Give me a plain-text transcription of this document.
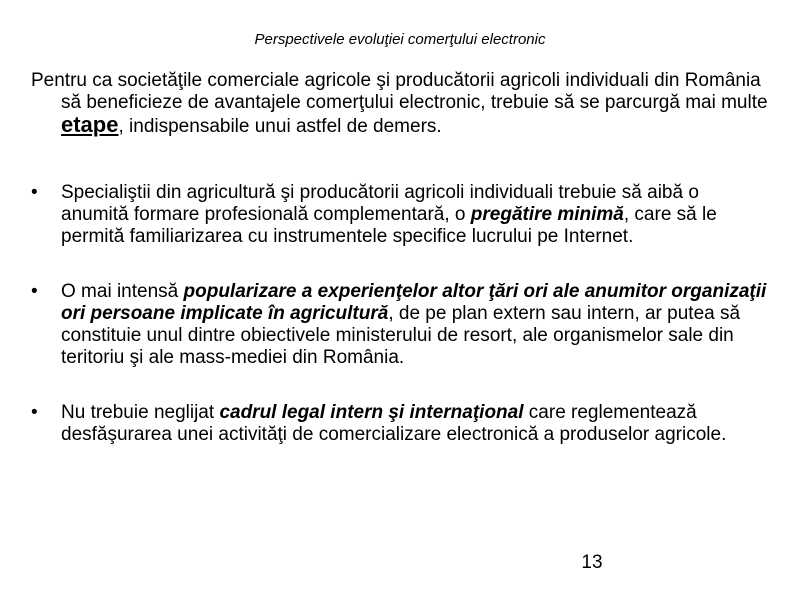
Perspectivele evoluţiei comerţului electronic

Pentru ca societăţile comerciale agricole şi producătorii agricoli individuali din România să beneficieze de avantajele comerţului electronic, trebuie să se parcurgă mai multe etape, indispensabile unui astfel de demers.

•	Specialiştii din agricultură şi producătorii agricoli individuali trebuie să aibă o anumită formare profesională complementară, o pregătire minimă, care să le permită familiarizarea cu instrumentele specifice lucrului pe Internet.
•	O mai intensă popularizare a experienţelor altor ţări ori ale anumitor organizaţii ori persoane implicate în agricultură, de pe plan extern sau intern, ar putea să constituie unul dintre obiectivele ministerului de resort, ale organismelor sale din teritoriu şi ale mass-mediei din România.
•	Nu trebuie neglijat cadrul legal intern şi internaţional care reglementează desfăşurarea unei activităţi de comercializare electronică a produselor agricole.
13
